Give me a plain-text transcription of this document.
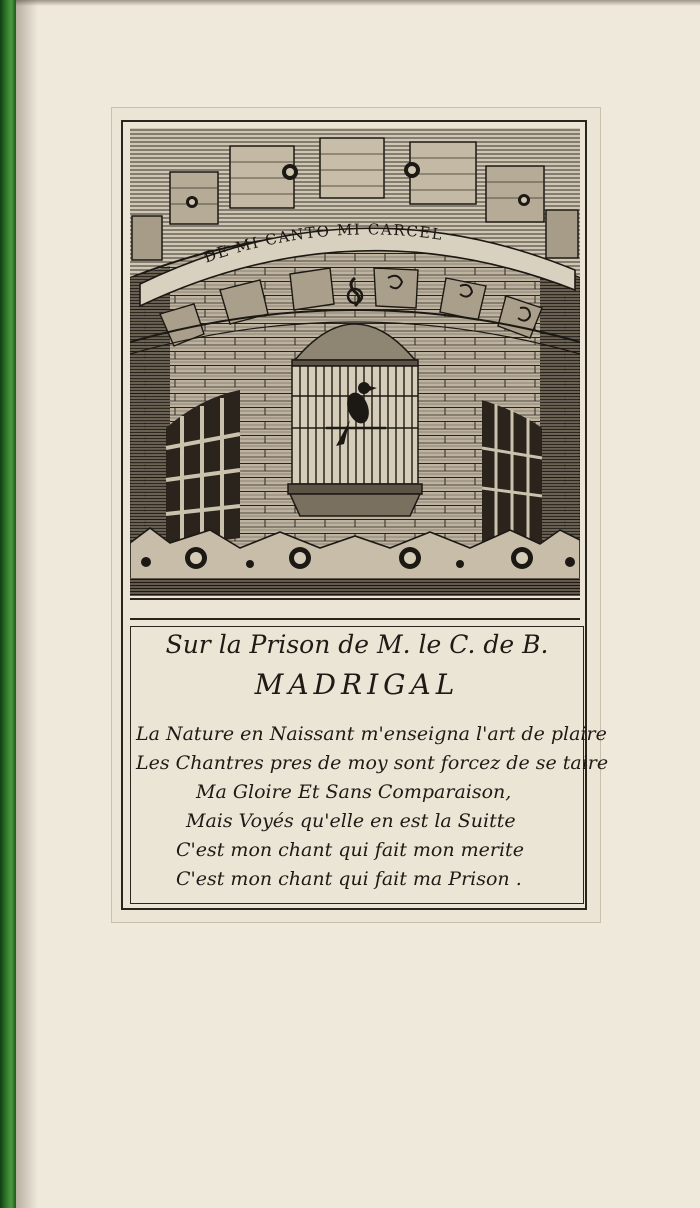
DE MI CANTO MI CARCEL
Sur la Prison de M. le C. de B.
MADRIGAL
La Nature en Naissant m'enseigna l'art de plaire
Les Chantres pres de moy sont forcez de se taire
Ma Gloire Et Sans Comparaison,
Mais Voyés qu'elle en est la Suitte
C'est mon chant qui fait mon merite
C'est mon chant qui fait ma Prison .
